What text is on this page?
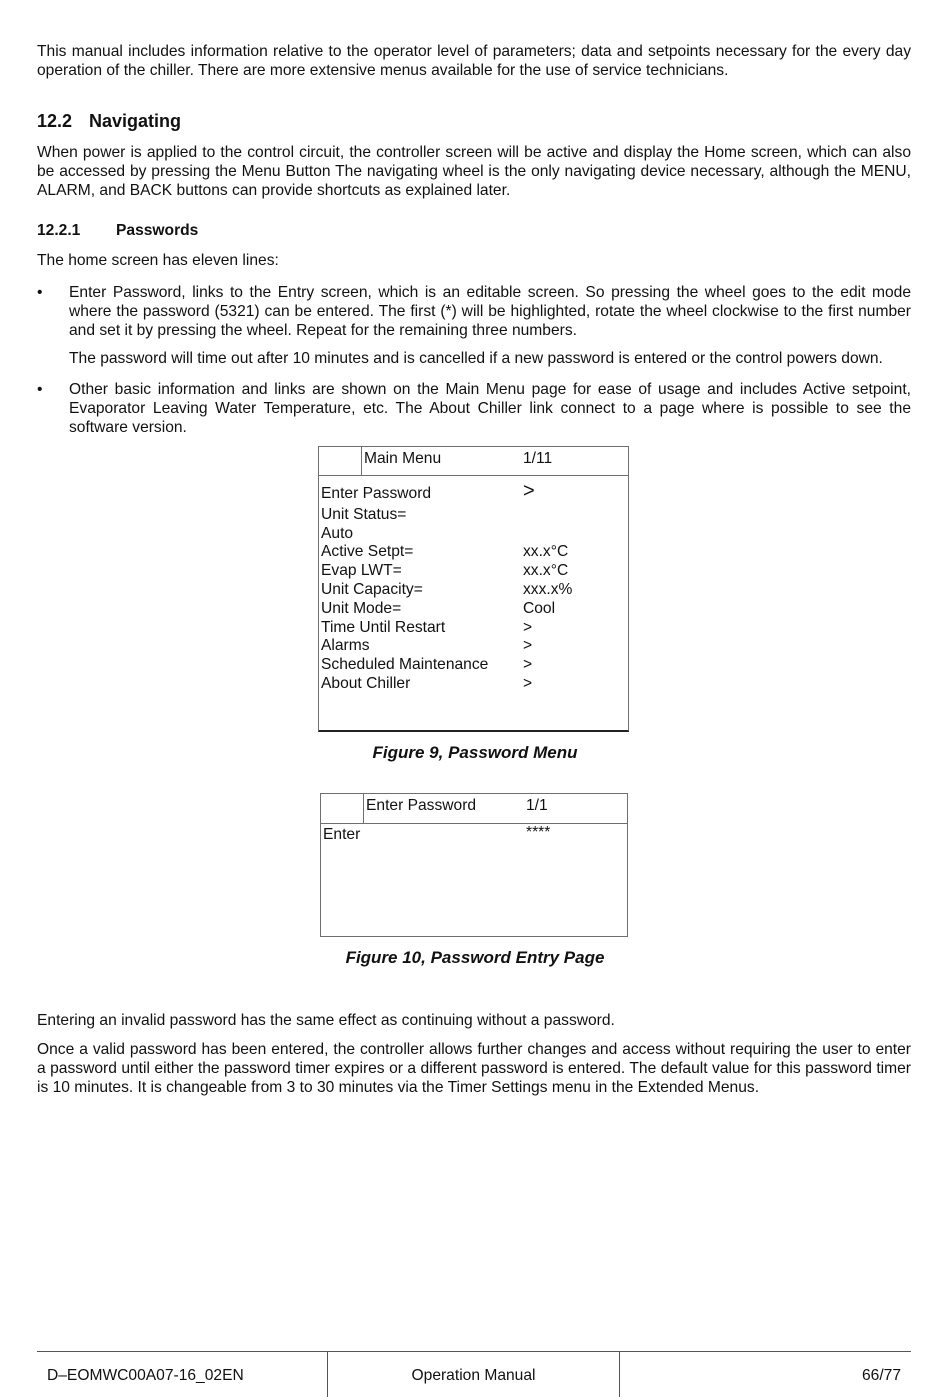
This manual includes information relative to the operator level of parameters; data and setpoints necessary for the every day operation of the chiller. There are more extensive menus available for the use of service technicians.

12.2 Navigating

When power is applied to the control circuit, the controller screen will be active and display the Home screen, which can also be accessed by pressing the Menu Button The navigating wheel is the only navigating device necessary, although the MENU, ALARM, and BACK buttons can provide shortcuts as explained later.

12.2.1 Passwords

The home screen has eleven lines:

• Enter Password, links to the Entry screen, which is an editable screen. So pressing the wheel goes to the edit mode where the password (5321) can be entered. The first (*) will be highlighted, rotate the wheel clockwise to the first number and set it by pressing the wheel. Repeat for the remaining three numbers.

The password will time out after 10 minutes and is cancelled if a new password is entered or the control powers down.

• Other basic information and links are shown on the Main Menu page for ease of usage and includes Active setpoint, Evaporator Leaving Water Temperature, etc. The About Chiller link connect to a page where is possible to see the software version.

Main Menu	1/11
Enter Password	>
Unit Status=
Auto
Active Setpt=	xx.x°C
Evap LWT=	xx.x°C
Unit Capacity=	xxx.x%
Unit Mode=	Cool
Time Until Restart	>
Alarms	>
Scheduled Maintenance >
About Chiller	>
Figure 9, Password Menu
Enter Password	1/1
Enter	****
Figure 10, Password Entry Page

Entering an invalid password has the same effect as continuing without a password.

Once a valid password has been entered, the controller allows further changes and access without requiring the user to enter a password until either the password timer expires or a different password is entered. The default value for this password timer is 10 minutes. It is changeable from 3 to 30 minutes via the Timer Settings menu in the Extended Menus.

D–EOMWC00A07-16_02EN	Operation Manual	66/77
